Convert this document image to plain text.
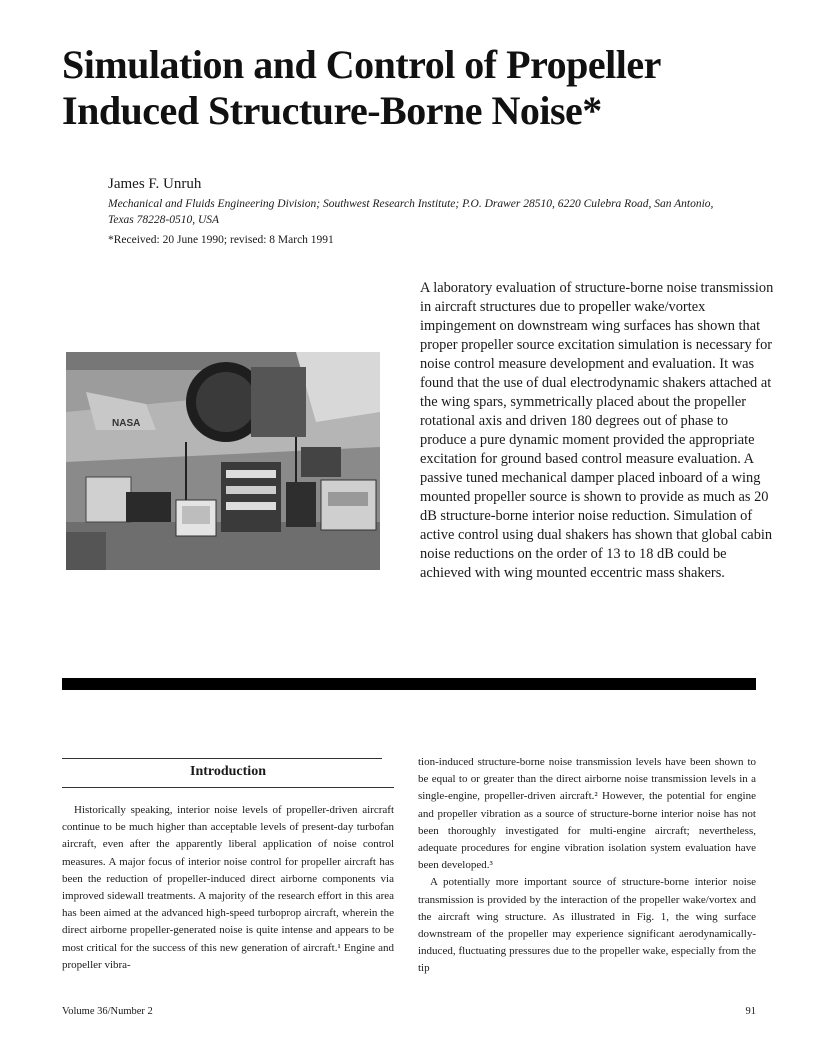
Simulation and Control of Propeller
Induced Structure-Borne Noise*

James F. Unruh

Mechanical and Fluids Engineering Division; Southwest Research Institute; P.O. Drawer 28510, 6220 Culebra Road, San Antonio, Texas 78228-0510, USA

*Received: 20 June 1990; revised: 8 March 1991

NASA

A laboratory evaluation of structure-borne noise transmission in aircraft structures due to propeller wake/vortex impingement on downstream wing surfaces has shown that proper propeller source excitation simulation is necessary for noise control measure development and evaluation. It was found that the use of dual electrodynamic shakers attached at the wing spars, symmetrically placed about the propeller rotational axis and driven 180 degrees out of phase to produce a pure dynamic moment provided the appropriate excitation for ground based control measure evaluation. A passive tuned mechanical damper placed inboard of a wing mounted propeller source is shown to provide as much as 20 dB structure-borne interior noise reduction. Simulation of active control using dual shakers has shown that global cabin noise reductions on the order of 13 to 18 dB could be achieved with wing mounted eccentric mass shakers.

Introduction

Historically speaking, interior noise levels of propeller-driven aircraft continue to be much higher than acceptable levels of present-day turbofan aircraft, even after the apparently liberal application of noise control measures. A major focus of interior noise control for propeller aircraft has been the reduction of propeller-induced direct airborne components via improved sidewall treatments. A majority of the research effort in this area has been aimed at the advanced high-speed turboprop aircraft, wherein the direct airborne propeller-generated noise is quite intense and appears to be most critical for the success of this new generation of aircraft.¹ Engine and propeller vibra-

tion-induced structure-borne noise transmission levels have been shown to be equal to or greater than the direct airborne noise transmission levels in a single-engine, propeller-driven aircraft.² However, the potential for engine and propeller vibration as a source of structure-borne interior noise has not been thoroughly investigated for multi-engine aircraft; nevertheless, adequate procedures for engine vibration isolation system evaluation have been developed.³

A potentially more important source of structure-borne interior noise transmission is provided by the interaction of the propeller wake/vortex and the aircraft wing structure. As illustrated in Fig. 1, the wing surface downstream of the propeller may experience significant aerodynamically-induced, fluctuating pressures due to the propeller wake, especially from the tip

Volume 36/Number 2	91
